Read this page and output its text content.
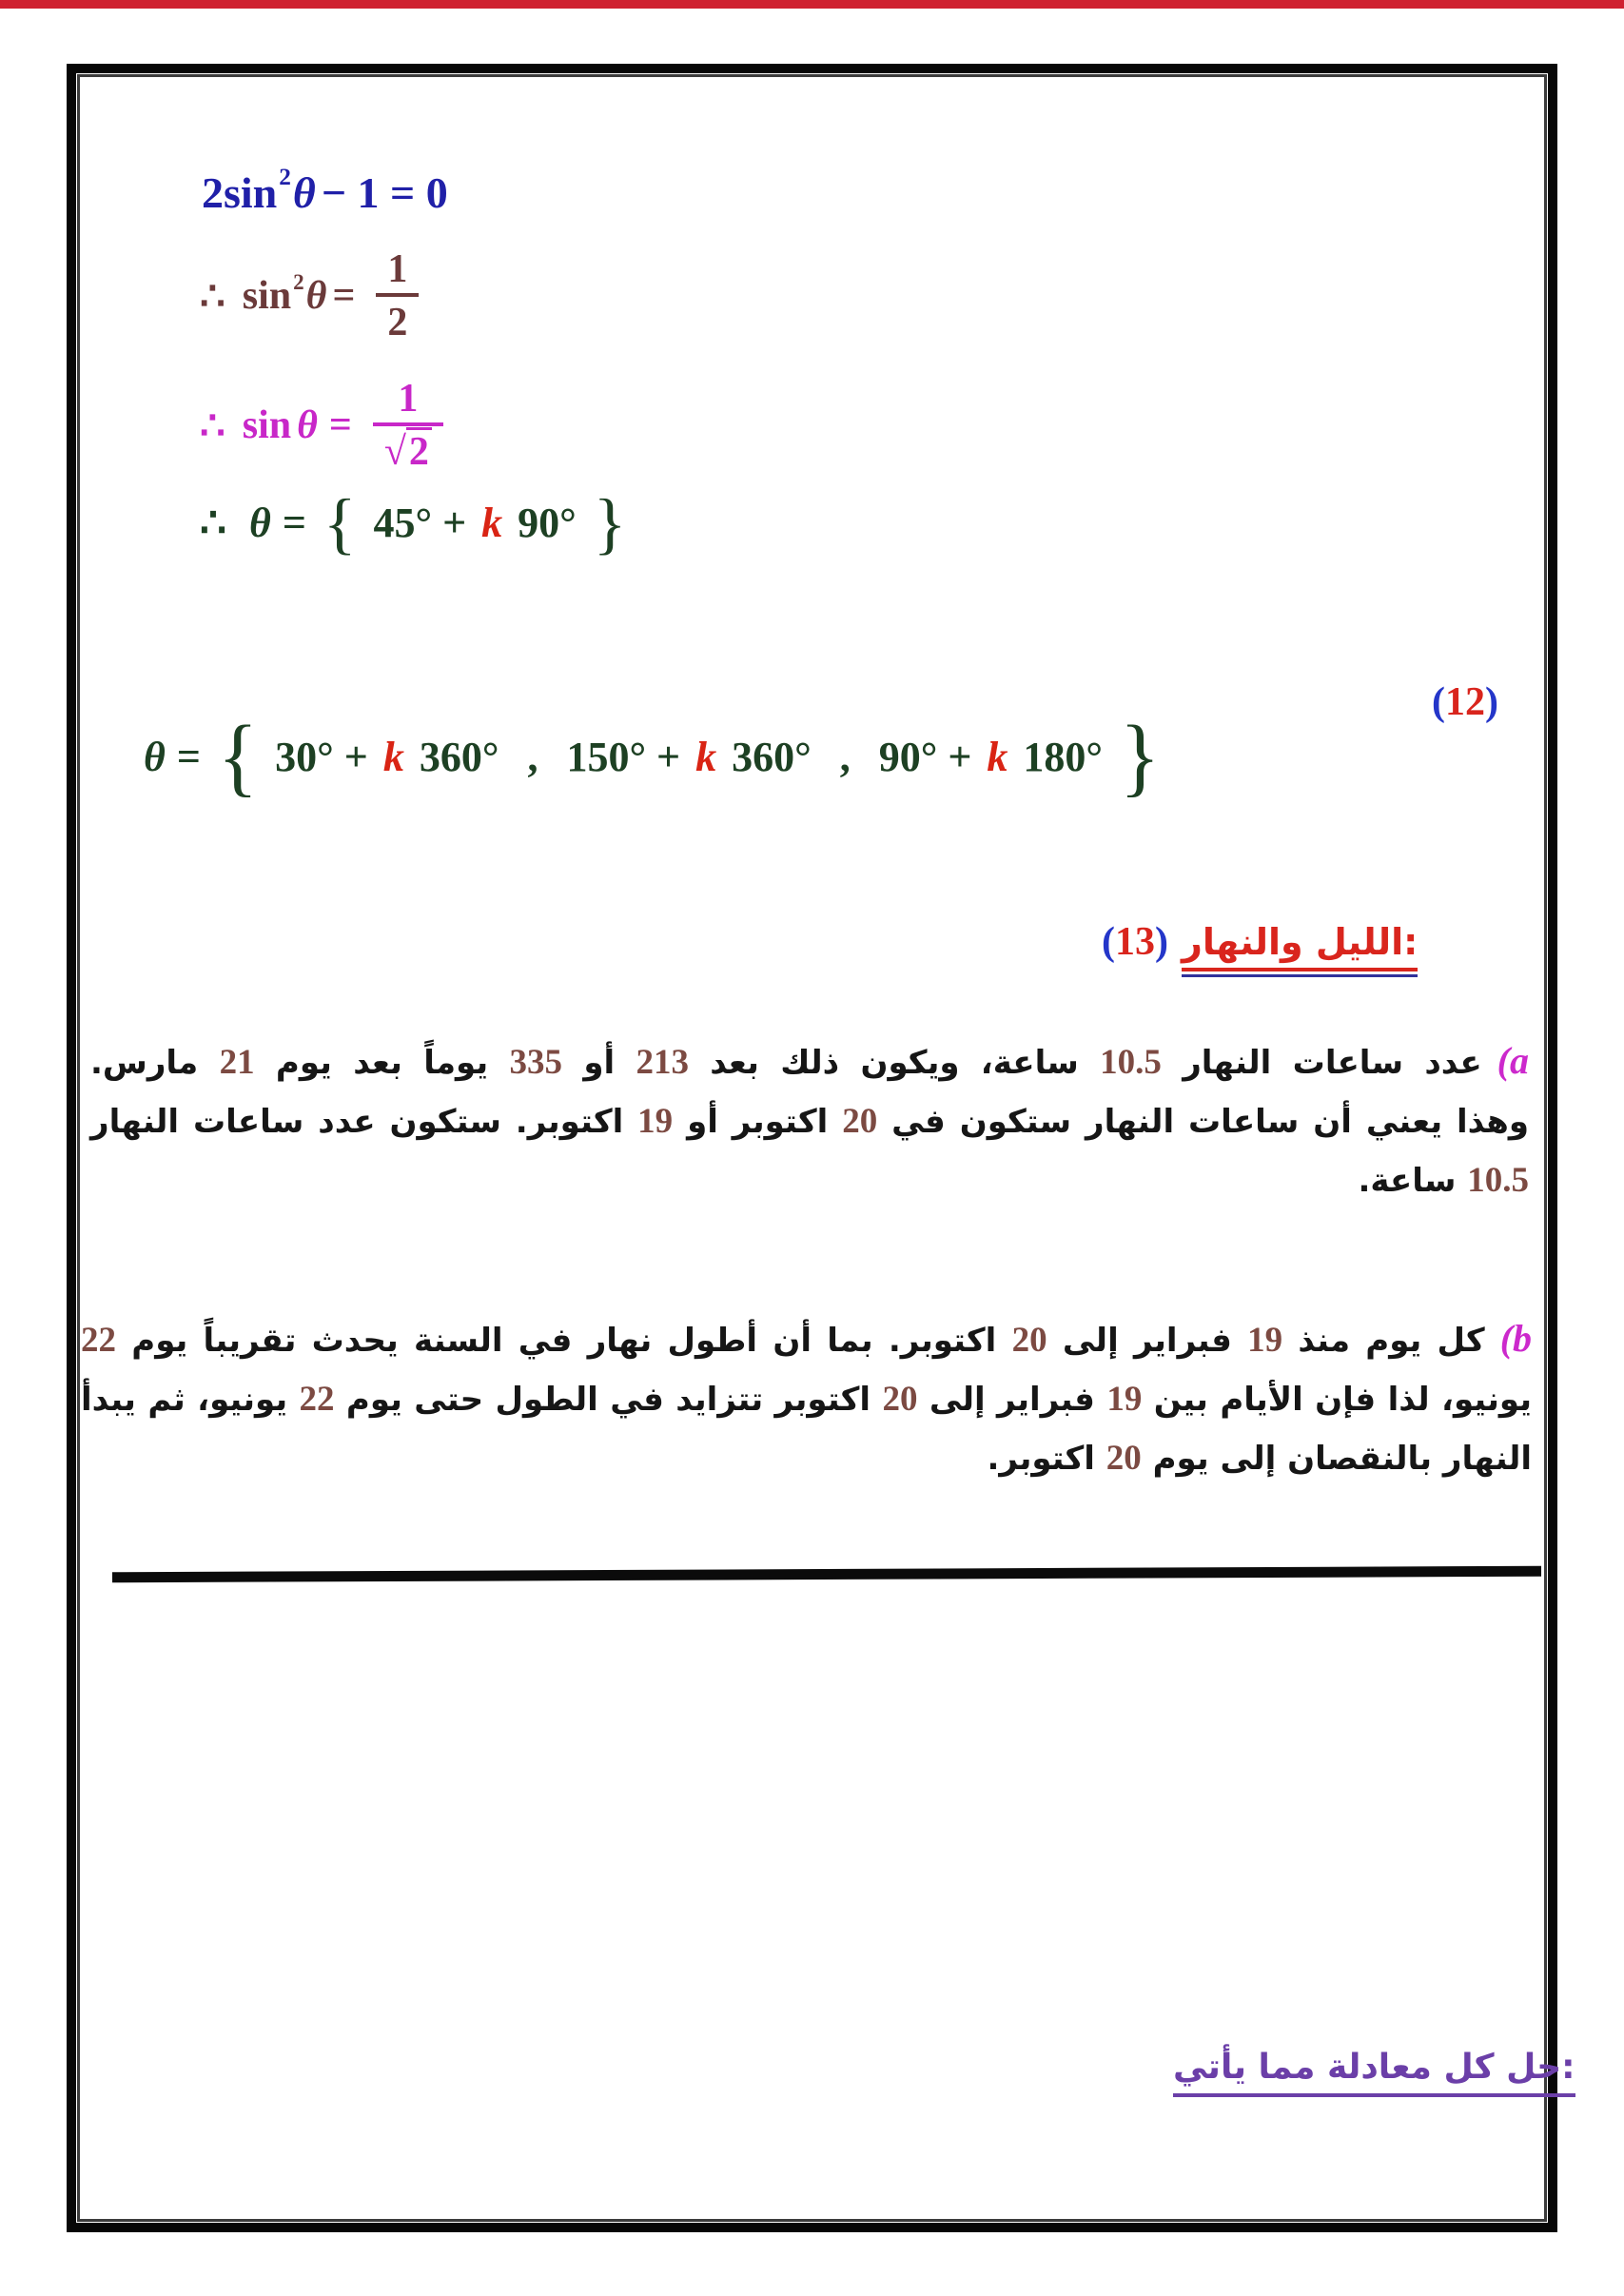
2 sin 2 θ − 1 = 0
∴ sin 2 $\theta = \frac{1}{2}$
∴ $\sin \theta = \frac{1}{√2}$
∴ θ = { 45° + k 90° }
(12)
θ = { 30° + k 360° , 150° + k 360° , 90° + k 180° }
(13) الليل والنهار:
(aعدد ساعات النهار 10.5 ساعة، ويكون ذلك بعد 213 أو 335 يوماً بعد يوم 21 مارس.
وهذا يعني أن ساعات النهار ستكون في 20 اكتوبر أو 19 اكتوبر. ستكون عدد ساعات النهار
10.5 ساعة.
(bكل يوم منذ 19 فبراير إلى 20 اكتوبر. بما أن أطول نهار في السنة يحدث تقريباً يوم 22
يونيو، لذا فإن الأيام بين 19 فبراير إلى 20 اكتوبر تتزايد في الطول حتى يوم 22 يونيو، ثم يبدأ
النهار بالنقصان إلى يوم 20 اكتوبر.
حل كل معادلة مما يأتي:
